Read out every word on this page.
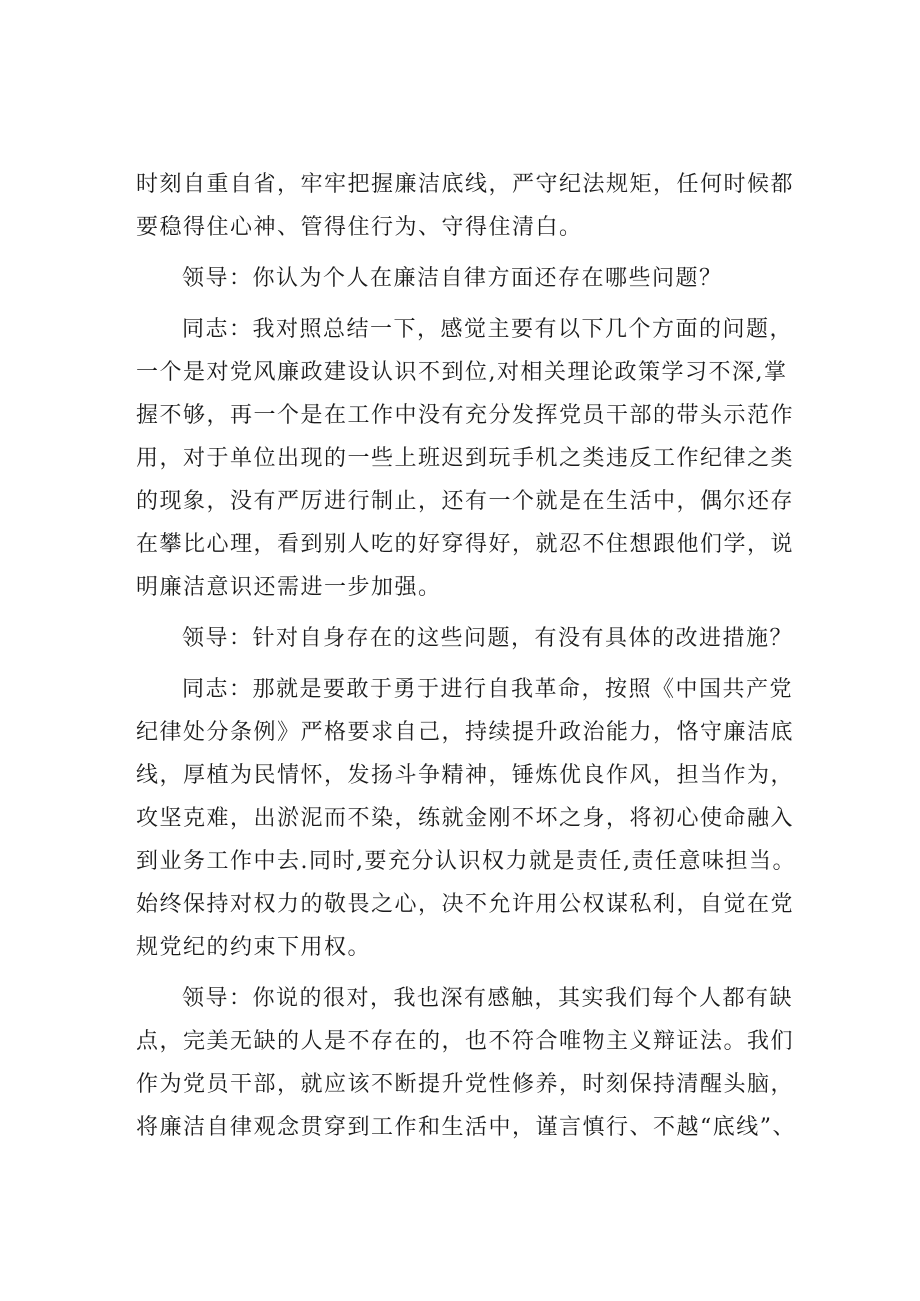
时刻自重自省，牢牢把握廉洁底线，严守纪法规矩，任何时候都
要稳得住心神、管得住行为、守得住清白。
领导：你认为个人在廉洁自律方面还存在哪些问题？
同志：我对照总结一下，感觉主要有以下几个方面的问题，
一个是对党风廉政建设认识不到位,对相关理论政策学习不深,掌
握不够，再一个是在工作中没有充分发挥党员干部的带头示范作
用，对于单位出现的一些上班迟到玩手机之类违反工作纪律之类
的现象，没有严厉进行制止，还有一个就是在生活中，偶尔还存
在攀比心理，看到别人吃的好穿得好，就忍不住想跟他们学，说
明廉洁意识还需进一步加强。
领导：针对自身存在的这些问题，有没有具体的改进措施？
同志：那就是要敢于勇于进行自我革命，按照《中国共产党
纪律处分条例》严格要求自己，持续提升政治能力，恪守廉洁底
线，厚植为民情怀，发扬斗争精神，锤炼优良作风，担当作为，
攻坚克难，出淤泥而不染，练就金刚不坏之身，将初心使命融入
到业务工作中去.同时,要充分认识权力就是责任,责任意味担当。
始终保持对权力的敬畏之心，决不允许用公权谋私利，自觉在党
规党纪的约束下用权。
领导：你说的很对，我也深有感触，其实我们每个人都有缺
点，完美无缺的人是不存在的，也不符合唯物主义辩证法。我们
作为党员干部，就应该不断提升党性修养，时刻保持清醒头脑，
将廉洁自律观念贯穿到工作和生活中，谨言慎行、不越“底线”、
